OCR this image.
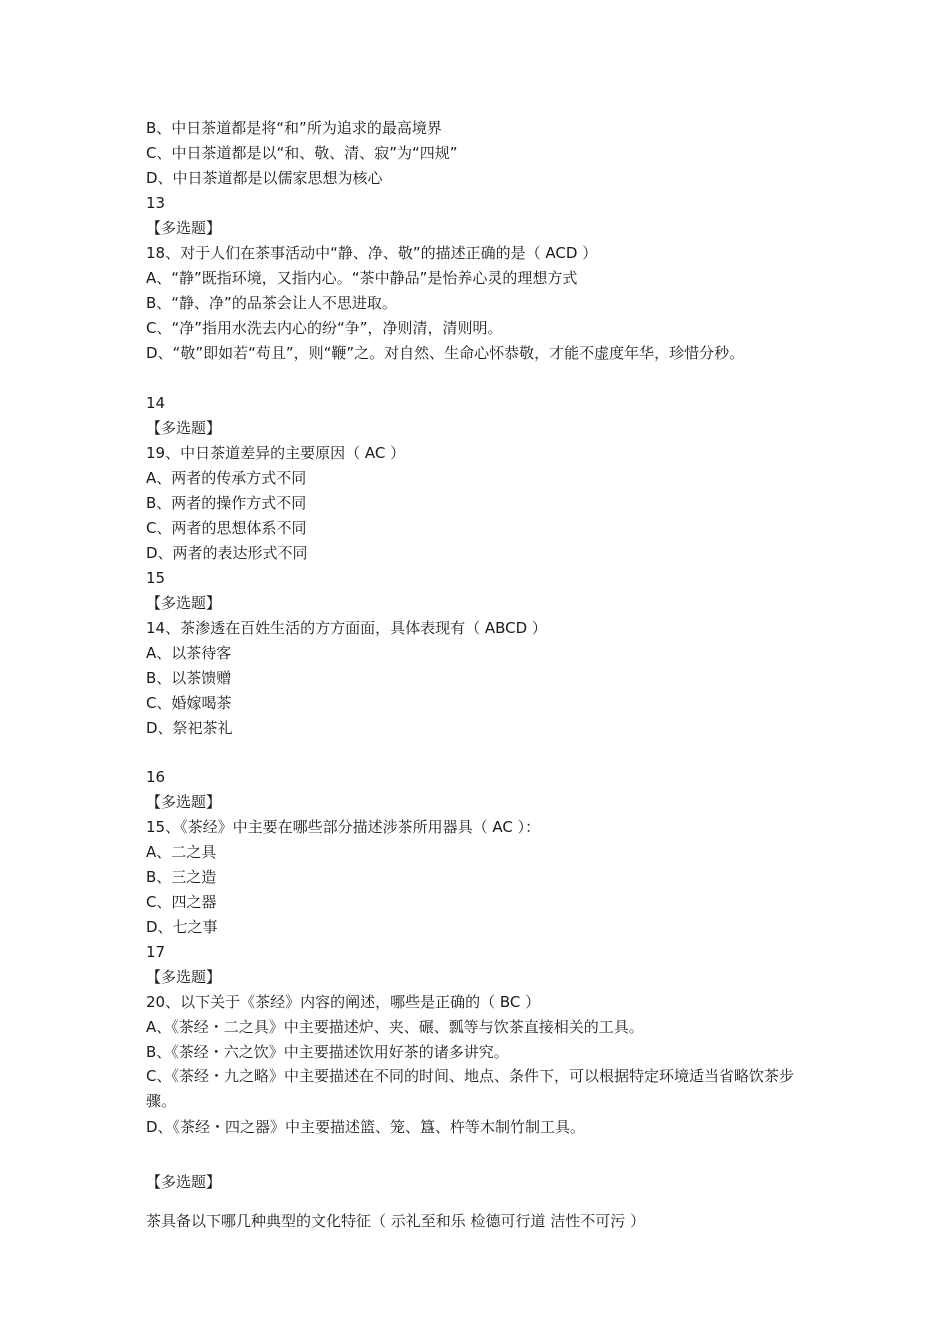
B、中日茶道都是将“和”所为追求的最高境界
C、中日茶道都是以“和、敬、清、寂”为“四规”
D、中日茶道都是以儒家思想为核心
13
【多选题】
18、对于人们在茶事活动中“静、净、敬”的描述正确的是（ ACD ）
A、“静”既指环境，又指内心。“茶中静品”是怡养心灵的理想方式
B、“静、净”的品茶会让人不思进取。
C、“净”指用水洗去内心的纷“争”，净则清，清则明。
D、“敬”即如若“苟且”，则“鞭”之。对自然、生命心怀恭敬，才能不虚度年华，珍惜分秒。
14
【多选题】
19、中日茶道差异的主要原因（ AC ）
A、两者的传承方式不同
B、两者的操作方式不同
C、两者的思想体系不同
D、两者的表达形式不同
15
【多选题】
14、茶渗透在百姓生活的方方面面，具体表现有（ ABCD ）
A、以茶待客
B、以茶馈赠
C、婚嫁喝茶
D、祭祀茶礼
16
【多选题】
15、《茶经》中主要在哪些部分描述涉茶所用器具（ AC ）：
A、二之具
B、三之造
C、四之器
D、七之事
17
【多选题】
20、以下关于《茶经》内容的阐述，哪些是正确的（ BC ）
A、《茶经・二之具》中主要描述炉、夹、碾、瓢等与饮茶直接相关的工具。
B、《茶经・六之饮》中主要描述饮用好茶的诸多讲究。
C、《茶经・九之略》中主要描述在不同的时间、地点、条件下，可以根据特定环境适当省略饮茶步骤。
D、《茶经・四之器》中主要描述篮、笼、簋、杵等木制竹制工具。
【多选题】
茶具备以下哪几种典型的文化特征（ 示礼至和乐 检德可行道 洁性不可污 ）
